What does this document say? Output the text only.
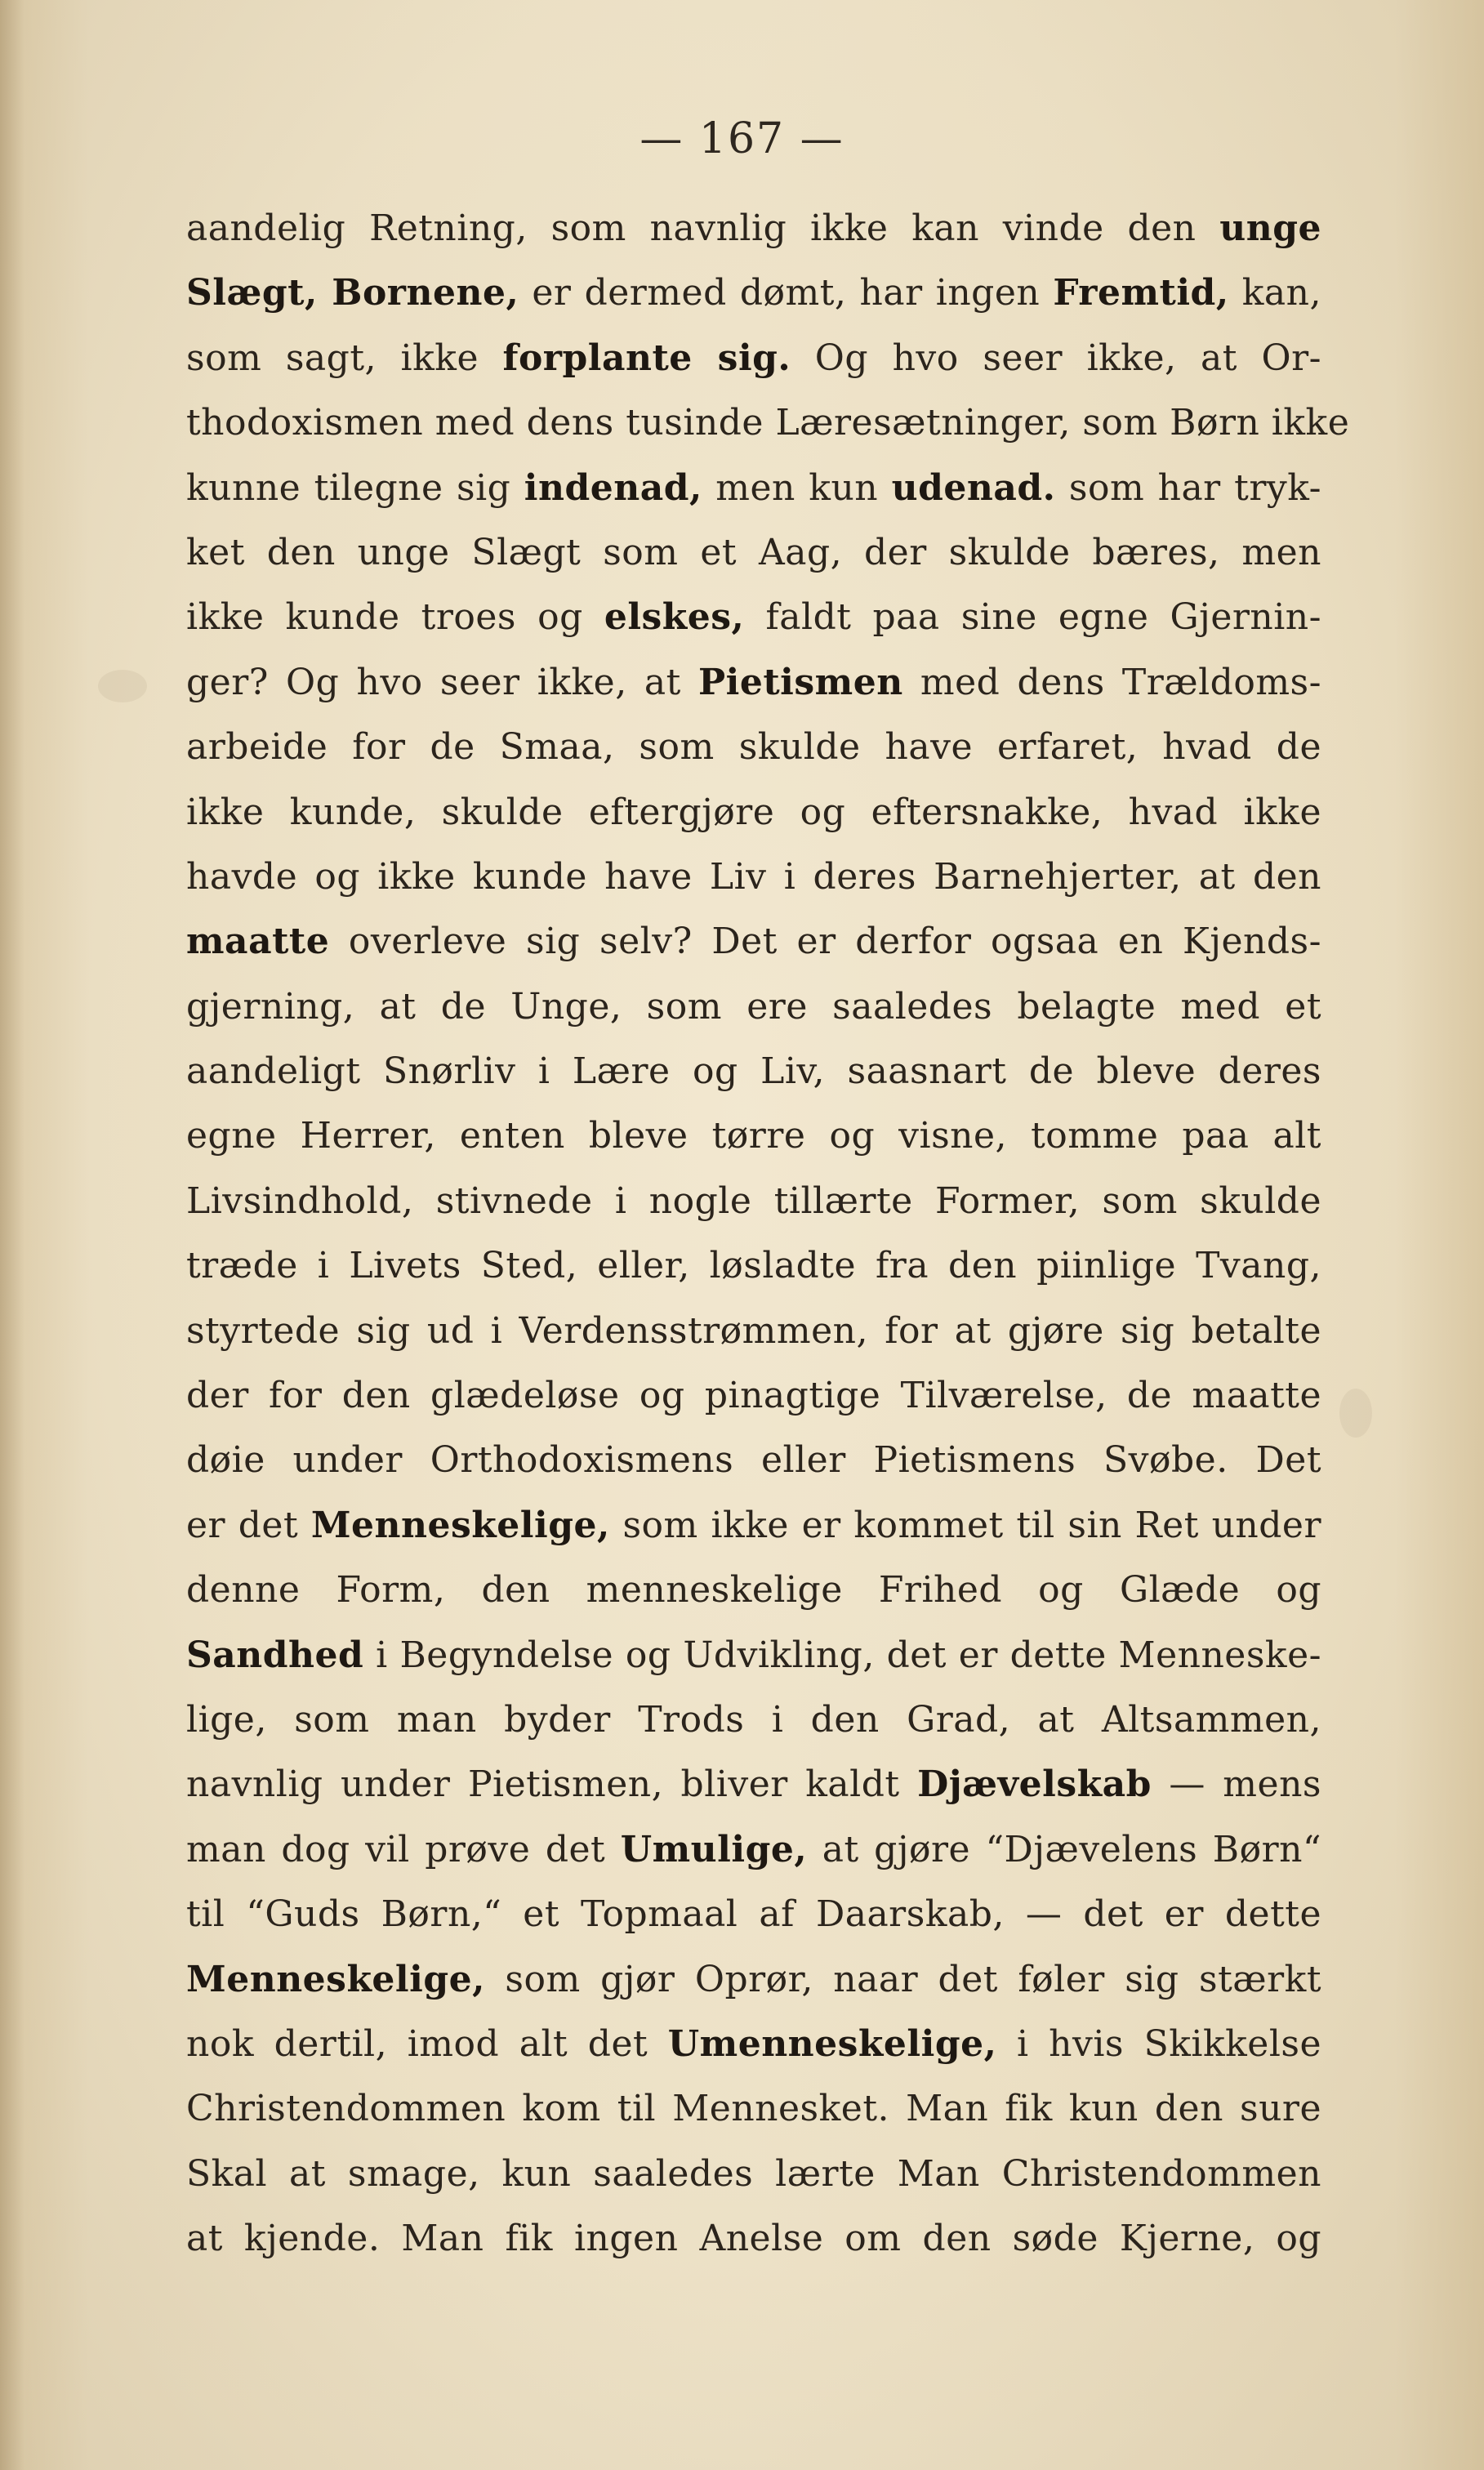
— 167 —
aandelig Retning, som navnlig ikke kan vinde den unge
Slægt, Bornene, er dermed dømt, har ingen Fremtid, kan,
som sagt, ikke forplante sig. Og hvo seer ikke, at Or-
thodoxismen med dens tusinde Læresætninger, som Børn ikke
kunne tilegne sig indenad, men kun udenad. som har tryk-
ket den unge Slægt som et Aag, der skulde bæres, men
ikke kunde troes og elskes, faldt paa sine egne Gjernin-
ger? Og hvo seer ikke, at Pietismen med dens Trældoms-
arbeide for de Smaa, som skulde have erfaret, hvad de
ikke kunde, skulde eftergjøre og eftersnakke, hvad ikke
havde og ikke kunde have Liv i deres Barnehjerter, at den
maatte overleve sig selv? Det er derfor ogsaa en Kjends-
gjerning, at de Unge, som ere saaledes belagte med et
aandeligt Snørliv i Lære og Liv, saasnart de bleve deres
egne Herrer, enten bleve tørre og visne, tomme paa alt
Livsindhold, stivnede i nogle tillærte Former, som skulde
træde i Livets Sted, eller, løsladte fra den piinlige Tvang,
styrtede sig ud i Verdensstrømmen, for at gjøre sig betalte
der for den glædeløse og pinagtige Tilværelse, de maatte
døie under Orthodoxismens eller Pietismens Svøbe. Det
er det Menneskelige, som ikke er kommet til sin Ret under
denne Form, den menneskelige Frihed og Glæde og
Sandhed i Begyndelse og Udvikling, det er dette Menneske-
lige, som man byder Trods i den Grad, at Altsammen,
navnlig under Pietismen, bliver kaldt Djævelskab — mens
man dog vil prøve det Umulige, at gjøre “Djævelens Børn“
til “Guds Børn,“ et Topmaal af Daarskab, — det er dette
Menneskelige, som gjør Oprør, naar det føler sig stærkt
nok dertil, imod alt det Umenneskelige, i hvis Skikkelse
Christendommen kom til Mennesket. Man fik kun den sure
Skal at smage, kun saaledes lærte Man Christendommen
at kjende. Man fik ingen Anelse om den søde Kjerne, og
